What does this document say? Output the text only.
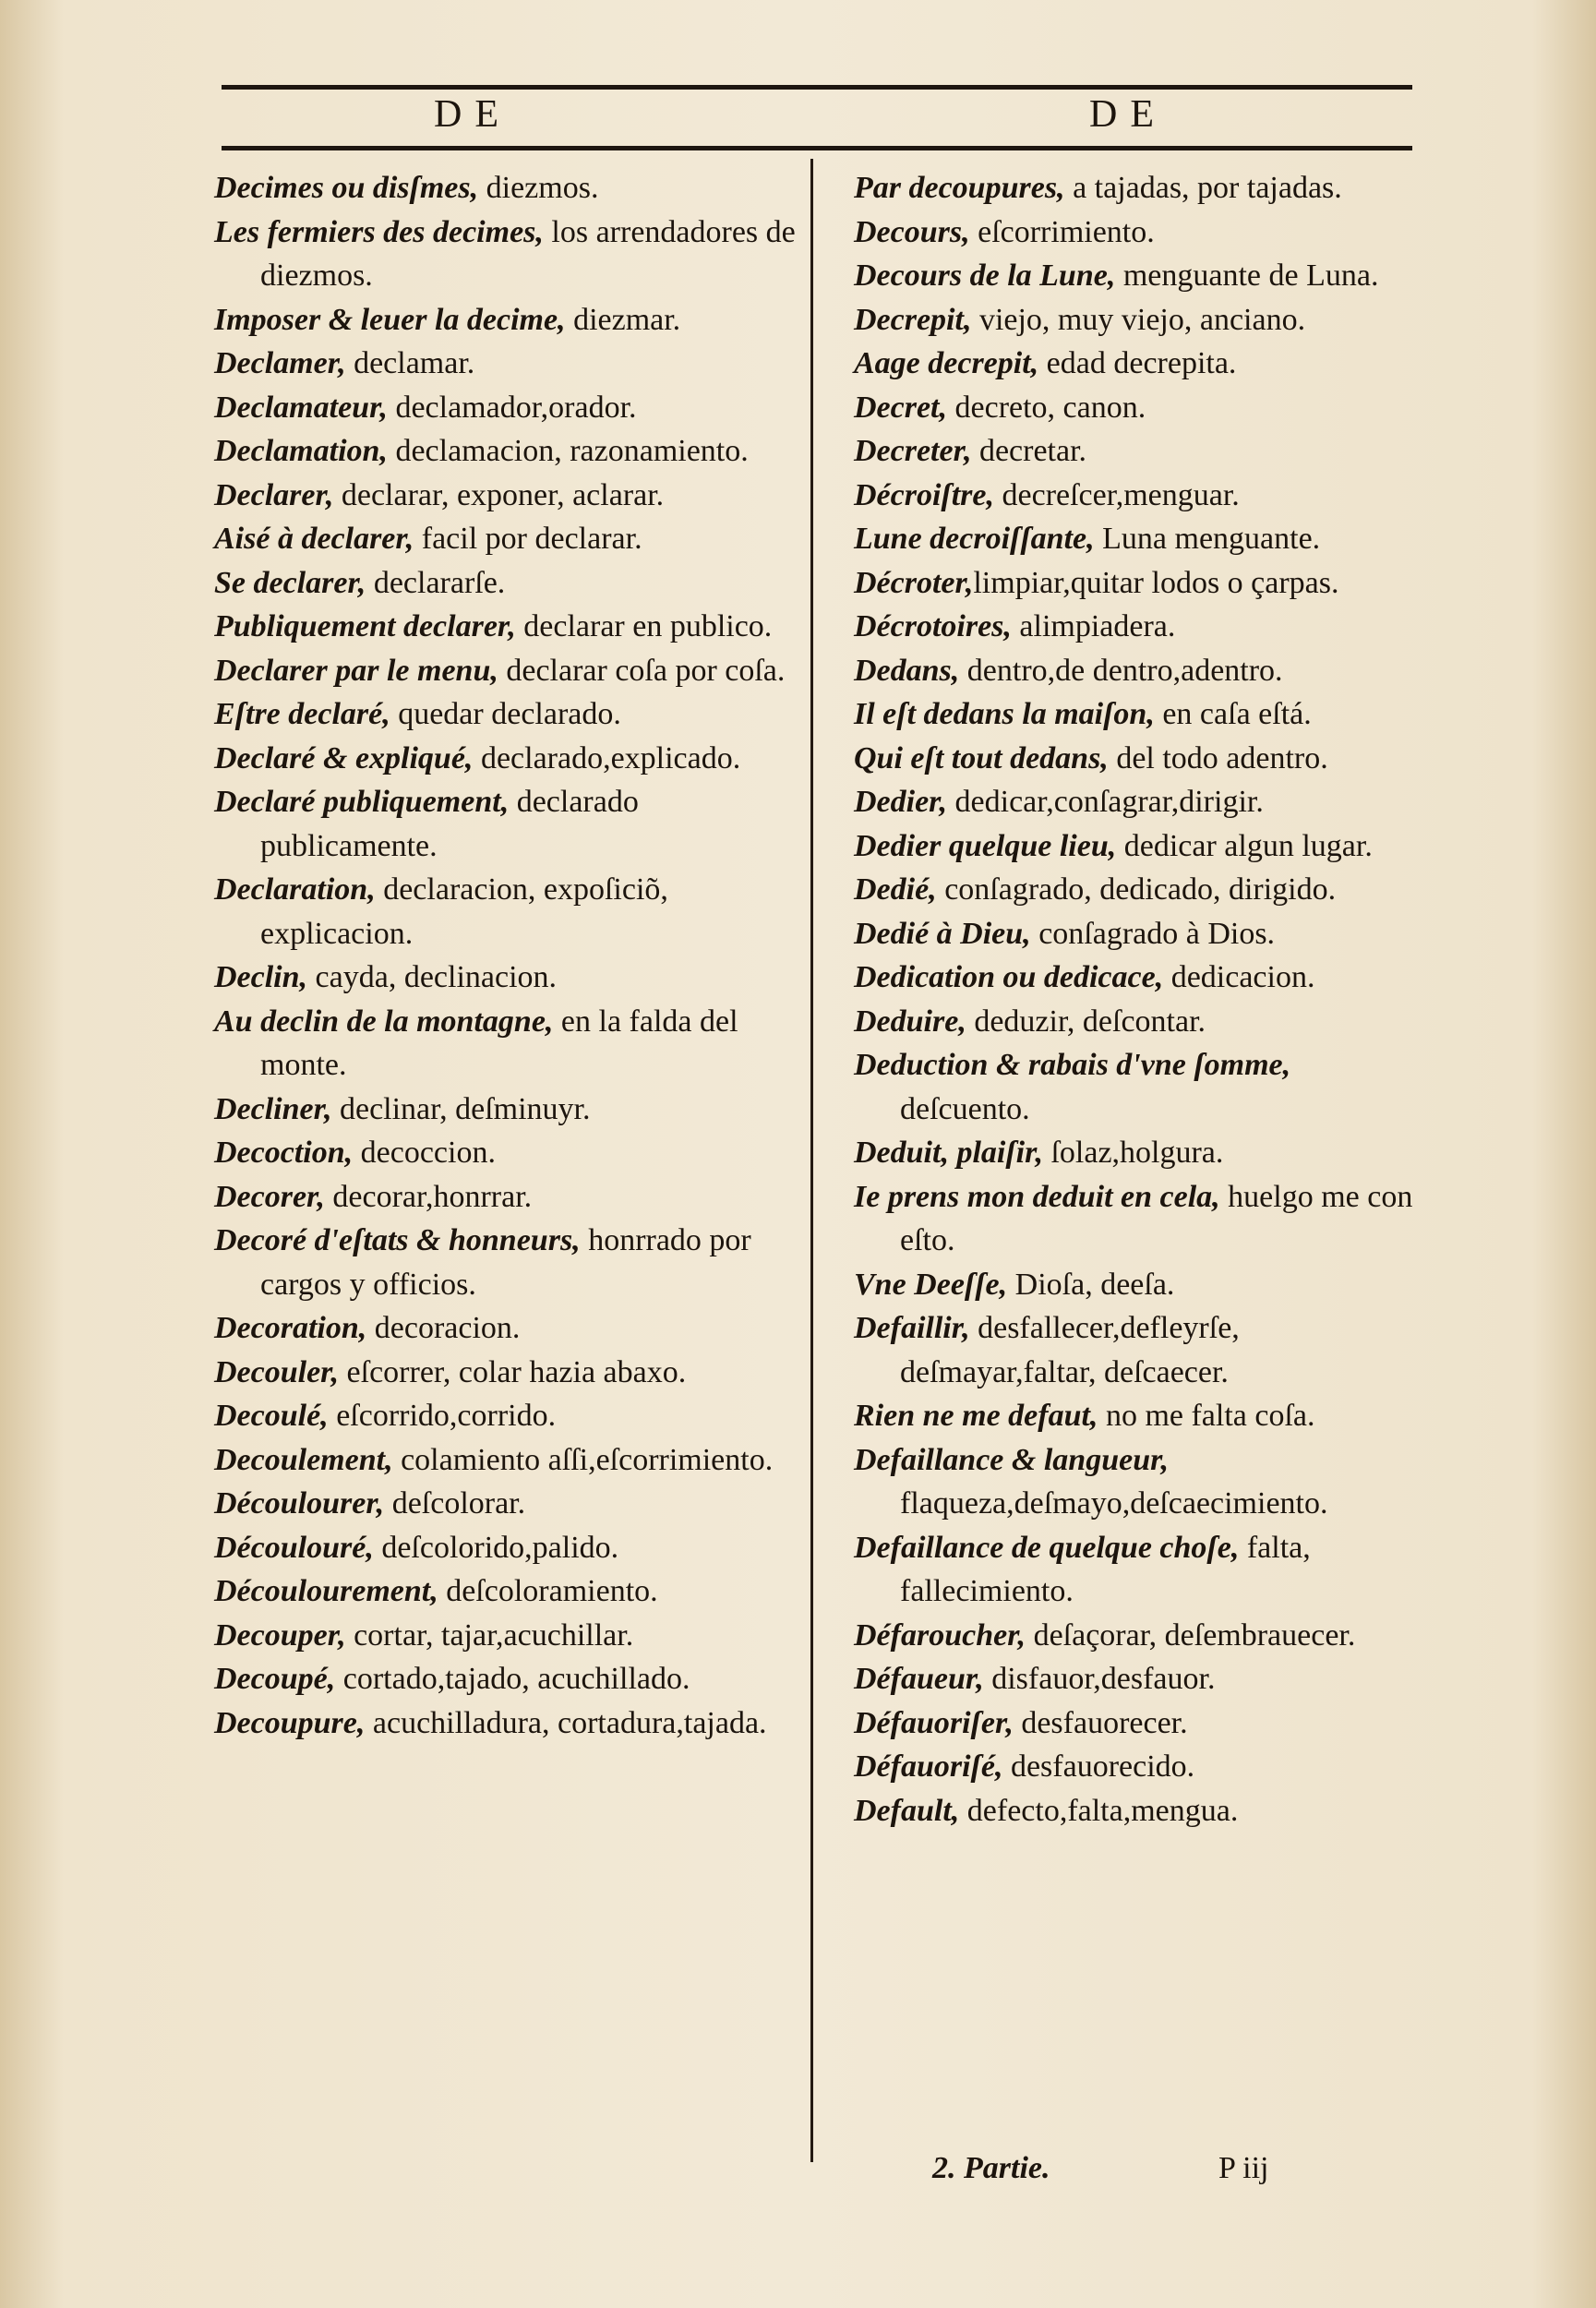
DE	DE
Decimes ou disſmes, diezmos.
Les fermiers des decimes, los arrendadores de diezmos.
Imposer & leuer la decime, diezmar.
Declamer, declamar.
Declamateur, declamador,orador.
Declamation, declamacion, razonamiento.
Declarer, declarar, exponer, aclarar.
Aisé à declarer, facil por declarar.
Se declarer, declararſe.
Publiquement declarer, declarar en publico.
Declarer par le menu, declarar coſa por coſa.
Eſtre declaré, quedar declarado.
Declaré & expliqué, declarado,explicado.
Declaré publiquement, declarado publicamente.
Declaration, declaracion, expoſiciõ, explicacion.
Declin, cayda, declinacion.
Au declin de la montagne, en la falda del monte.
Decliner, declinar, deſminuyr.
Decoction, decoccion.
Decorer, decorar,honrrar.
Decoré d'eſtats & honneurs, honrrado por cargos y officios.
Decoration, decoracion.
Decouler, eſcorrer, colar hazia abaxo.
Decoulé, eſcorrido,corrido.
Decoulement, colamiento aſſi,eſcorrimiento.
Découlourer, deſcolorar.
Découlouré, deſcolorido,palido.
Découlourement, deſcoloramiento.
Decouper, cortar, tajar,acuchillar.
Decoupé, cortado,tajado, acuchillado.
Decoupure, acuchilladura, cortadura,tajada.
Par decoupures, a tajadas, por tajadas.
Decours, eſcorrimiento.
Decours de la Lune, menguante de Luna.
Decrepit, viejo, muy viejo, anciano.
Aage decrepit, edad decrepita.
Decret, decreto, canon.
Decreter, decretar.
Décroiſtre, decreſcer,menguar.
Lune decroiſſante, Luna menguante.
Décroter,limpiar,quitar lodos o çarpas.
Décrotoires, alimpiadera.
Dedans, dentro,de dentro,adentro.
Il eſt dedans la maiſon, en caſa eſtá.
Qui eſt tout dedans, del todo adentro.
Dedier, dedicar,conſagrar,dirigir.
Dedier quelque lieu, dedicar algun lugar.
Dedié, conſagrado, dedicado, dirigido.
Dedié à Dieu, conſagrado à Dios.
Dedication ou dedicace, dedicacion.
Deduire, deduzir, deſcontar.
Deduction & rabais d'vne ſomme, deſcuento.
Deduit, plaiſir, ſolaz,holgura.
Ie prens mon deduit en cela, huelgo me con eſto.
Vne Deeſſe, Dioſa, deeſa.
Defaillir, desfallecer,defleyrſe, deſmayar,faltar, deſcaecer.
Rien ne me defaut, no me falta coſa.
Defaillance & langueur, flaqueza,deſmayo,deſcaecimiento.
Defaillance de quelque choſe, falta, fallecimiento.
Défaroucher, deſaçorar, deſembrauecer.
Défaueur, disfauor,desfauor.
Défauoriſer, desfauorecer.
Défauoriſé, desfauorecido.
Default, defecto,falta,mengua.
2. Partie.	P iij
